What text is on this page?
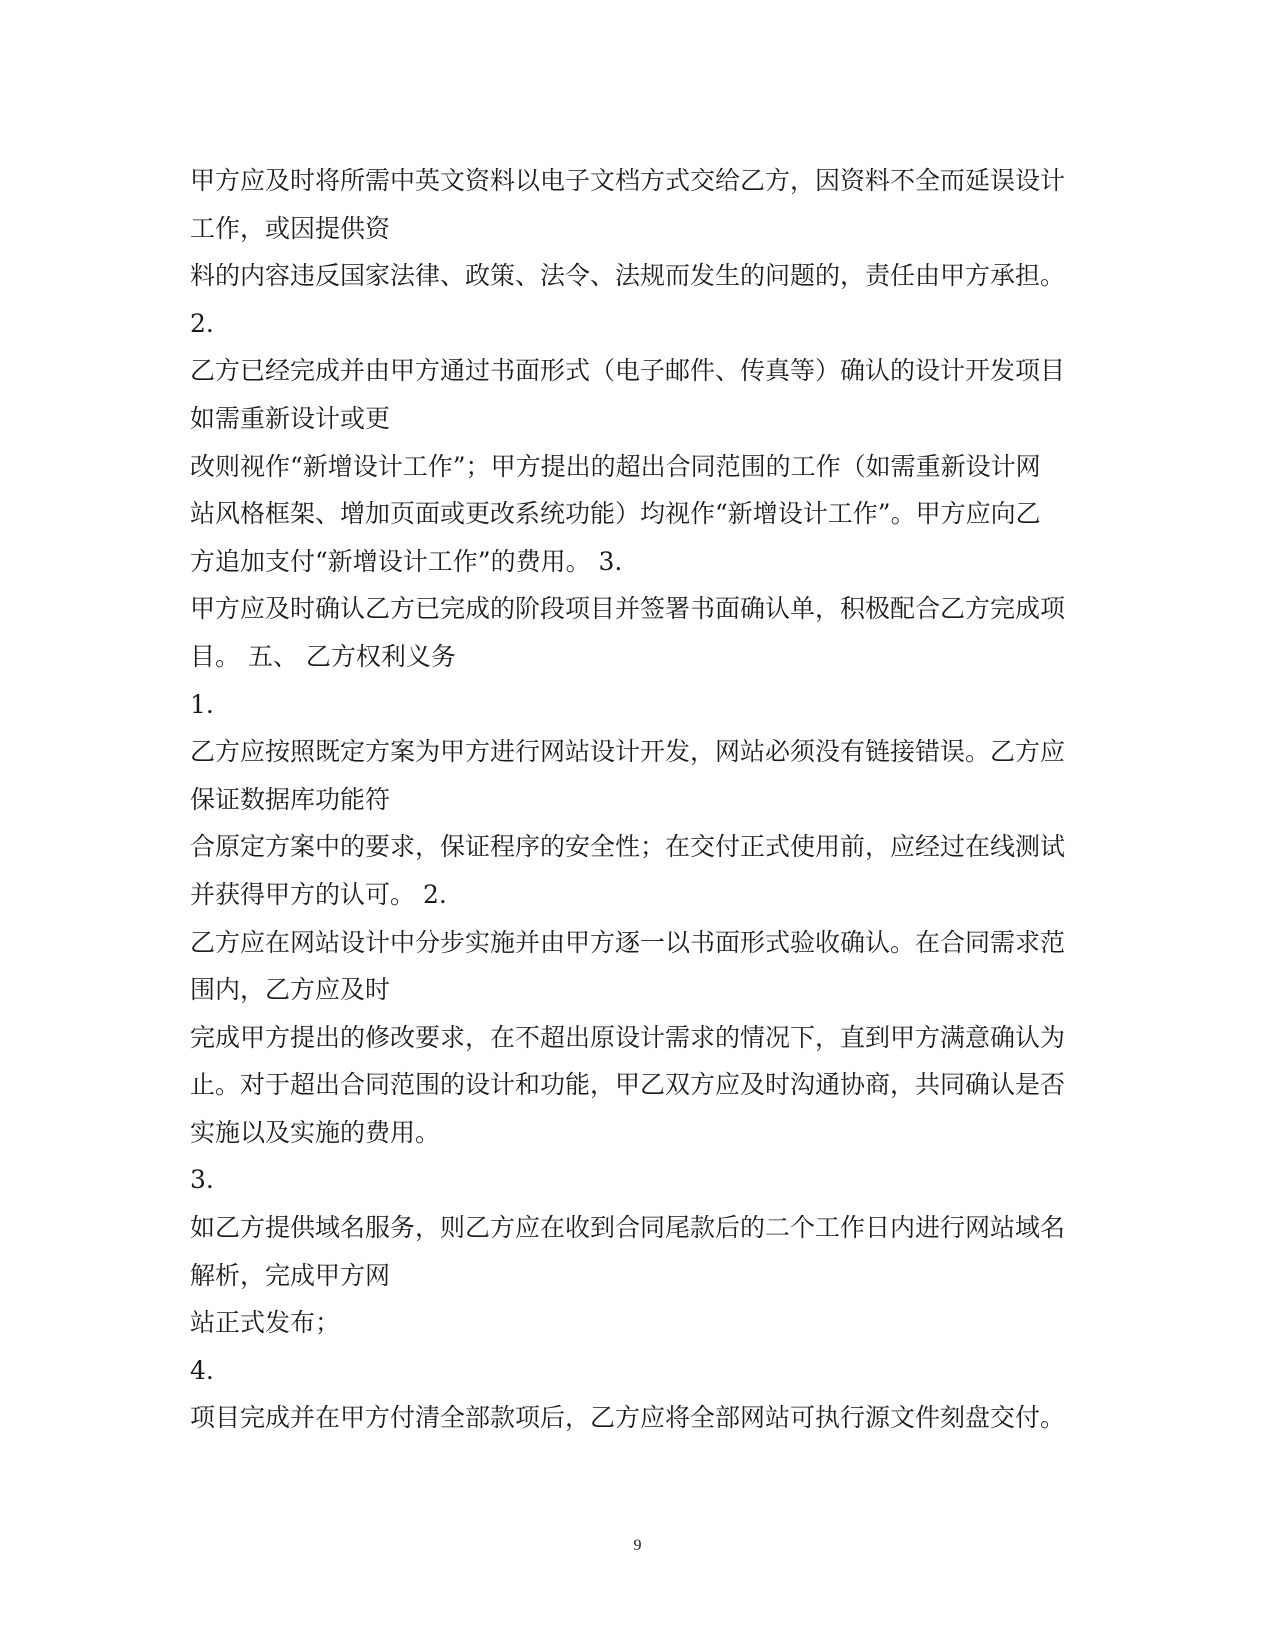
甲方应及时将所需中英文资料以电子文档方式交给乙方，因资料不全而延误设计
工作，或因提供资
料的内容违反国家法律、政策、法令、法规而发生的问题的，责任由甲方承担。
2.
乙方已经完成并由甲方通过书面形式（电子邮件、传真等）确认的设计开发项目
如需重新设计或更
改则视作“新增设计工作”；甲方提出的超出合同范围的工作（如需重新设计网
站风格框架、增加页面或更改系统功能）均视作“新增设计工作”。甲方应向乙
方追加支付“新增设计工作”的费用。 3.
甲方应及时确认乙方已完成的阶段项目并签署书面确认单，积极配合乙方完成项
目。 五、 乙方权利义务
1.
乙方应按照既定方案为甲方进行网站设计开发，网站必须没有链接错误。乙方应
保证数据库功能符
合原定方案中的要求，保证程序的安全性；在交付正式使用前，应经过在线测试
并获得甲方的认可。 2.
乙方应在网站设计中分步实施并由甲方逐一以书面形式验收确认。在合同需求范
围内，乙方应及时
完成甲方提出的修改要求，在不超出原设计需求的情况下，直到甲方满意确认为
止。对于超出合同范围的设计和功能，甲乙双方应及时沟通协商，共同确认是否
实施以及实施的费用。
3.
如乙方提供域名服务，则乙方应在收到合同尾款后的二个工作日内进行网站域名
解析，完成甲方网
站正式发布；
4.
项目完成并在甲方付清全部款项后，乙方应将全部网站可执行源文件刻盘交付。
9
